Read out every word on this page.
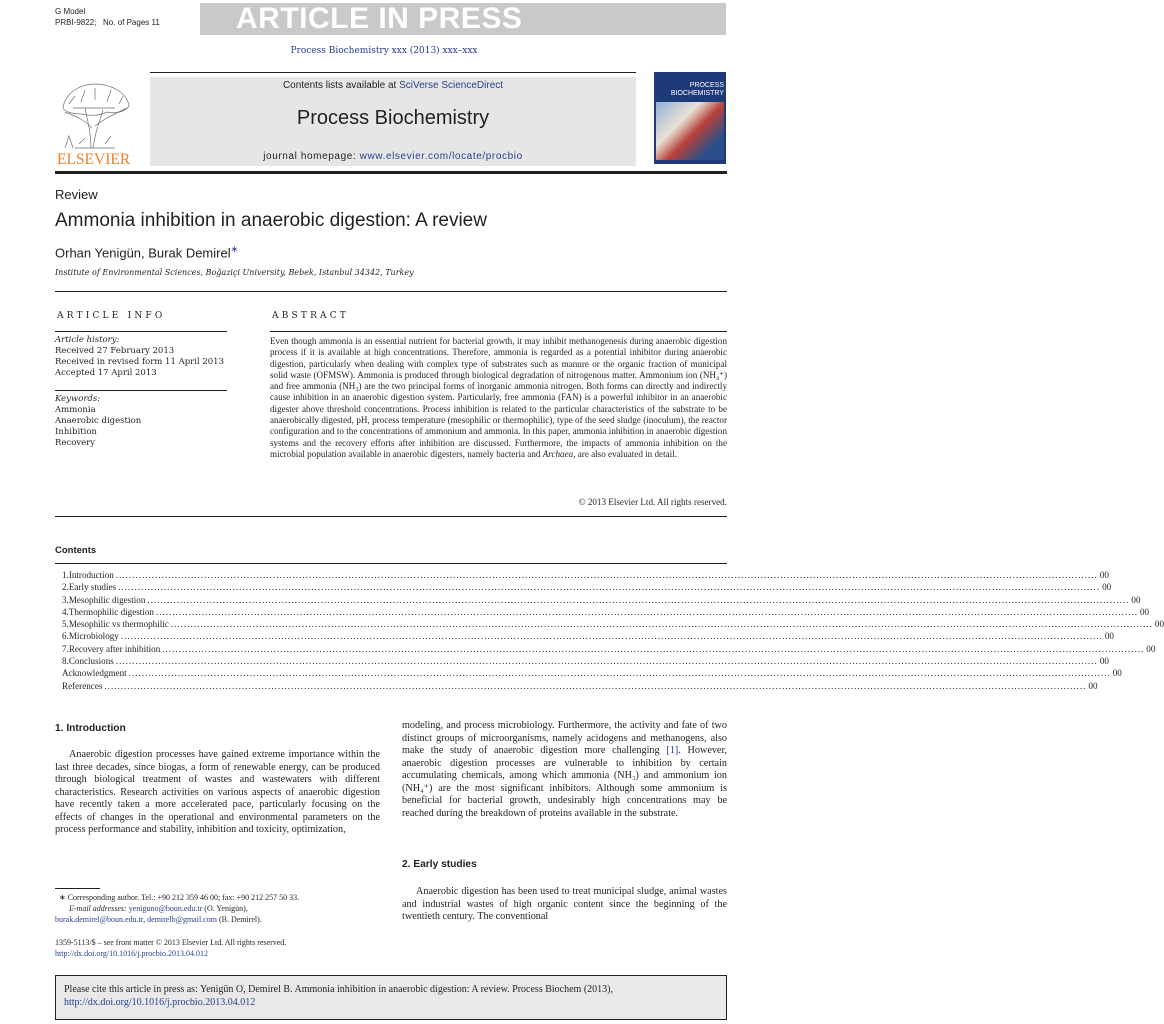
G Model
PRBI-9822; No. of Pages 11	ARTICLE IN PRESS
Process Biochemistry xxx (2013) xxx–xxx
ELSEVIER
Contents lists available at SciVerse ScienceDirect
Process Biochemistry
journal homepage: www.elsevier.com/locate/procbio
PROCESS
BIOCHEMISTRY
Review
Ammonia inhibition in anaerobic digestion: A review
Orhan Yenigün, Burak Demirel∗
Institute of Environmental Sciences, Boğaziçi University, Bebek, Istanbul 34342, Turkey
ARTICLE INFO
Article history:
Received 27 February 2013
Received in revised form 11 April 2013
Accepted 17 April 2013
Keywords:
Ammonia
Anaerobic digestion
Inhibition
Recovery
ABSTRACT
Even though ammonia is an essential nutrient for bacterial growth, it may inhibit methanogenesis during anaerobic digestion process if it is available at high concentrations. Therefore, ammonia is regarded as a potential inhibitor during anaerobic digestion, particularly when dealing with complex type of substrates such as manure or the organic fraction of municipal solid waste (OFMSW). Ammonia is produced through biological degradation of nitrogenous matter. Ammonium ion (NH₄⁺) and free ammonia (NH₃) are the two principal forms of inorganic ammonia nitrogen. Both forms can directly and indirectly cause inhibition in an anaerobic digestion system. Particularly, free ammonia (FAN) is a powerful inhibitor in an anaerobic digester above threshold concentrations. Process inhibition is related to the particular characteristics of the substrate to be anaerobically digested, pH, process temperature (mesophilic or thermophilic), type of the seed sludge (inoculum), the reactor configuration and to the concentrations of ammonium and ammonia. In this paper, ammonia inhibition in anaerobic digestion systems and the recovery efforts after inhibition are discussed. Furthermore, the impacts of ammonia inhibition on the microbial population available in anaerobic digesters, namely bacteria and Archaea, are also evaluated in detail.
© 2013 Elsevier Ltd. All rights reserved.
Contents
1. Introduction ............................................................................................................................................................................................................................................................................................................ 00
2. Early studies ............................................................................................................................................................................................................................................................................................................ 00
3. Mesophilic digestion ............................................................................................................................................................................................................................................................................................................ 00
4. Thermophilic digestion ............................................................................................................................................................................................................................................................................................................ 00
5. Mesophilic vs thermophilic ............................................................................................................................................................................................................................................................................................................ 00
6. Microbiology ............................................................................................................................................................................................................................................................................................................ 00
7. Recovery after inhibition ............................................................................................................................................................................................................................................................................................................ 00
8. Conclusions ............................................................................................................................................................................................................................................................................................................ 00
Acknowledgment ............................................................................................................................................................................................................................................................................................................ 00
References ............................................................................................................................................................................................................................................................................................................ 00
1. Introduction
Anaerobic digestion processes have gained extreme importance within the last three decades, since biogas, a form of renewable energy, can be produced through biological treatment of wastes and wastewaters with different characteristics. Research activities on various aspects of anaerobic digestion have recently taken a more accelerated pace, particularly focusing on the effects of changes in the operational and environmental parameters on the process performance and stability, inhibition and toxicity, optimization,
modeling, and process microbiology. Furthermore, the activity and fate of two distinct groups of microorganisms, namely acidogens and methanogens, also make the study of anaerobic digestion more challenging [1]. However, anaerobic digestion processes are vulnerable to inhibition by certain accumulating chemicals, among which ammonia (NH₃) and ammonium ion (NH₄⁺) are the most significant inhibitors. Although some ammonium is beneficial for bacterial growth, undesirably high concentrations may be reached during the breakdown of proteins available in the substrate.
2. Early studies
Anaerobic digestion has been used to treat municipal sludge, animal wastes and industrial wastes of high organic content since the beginning of the twentieth century. The conventional
∗ Corresponding author. Tel.: +90 212 359 46 00; fax: +90 212 257 50 33.
E-mail addresses: yeniguno@boun.edu.tr (O. Yenigün),
burak.demirel@boun.edu.tr, demirelb@gmail.com (B. Demirel).
1359-5113/$ – see front matter © 2013 Elsevier Ltd. All rights reserved.
http://dx.doi.org/10.1016/j.procbio.2013.04.012
Please cite this article in press as: Yenigün O, Demirel B. Ammonia inhibition in anaerobic digestion: A review. Process Biochem (2013), http://dx.doi.org/10.1016/j.procbio.2013.04.012
